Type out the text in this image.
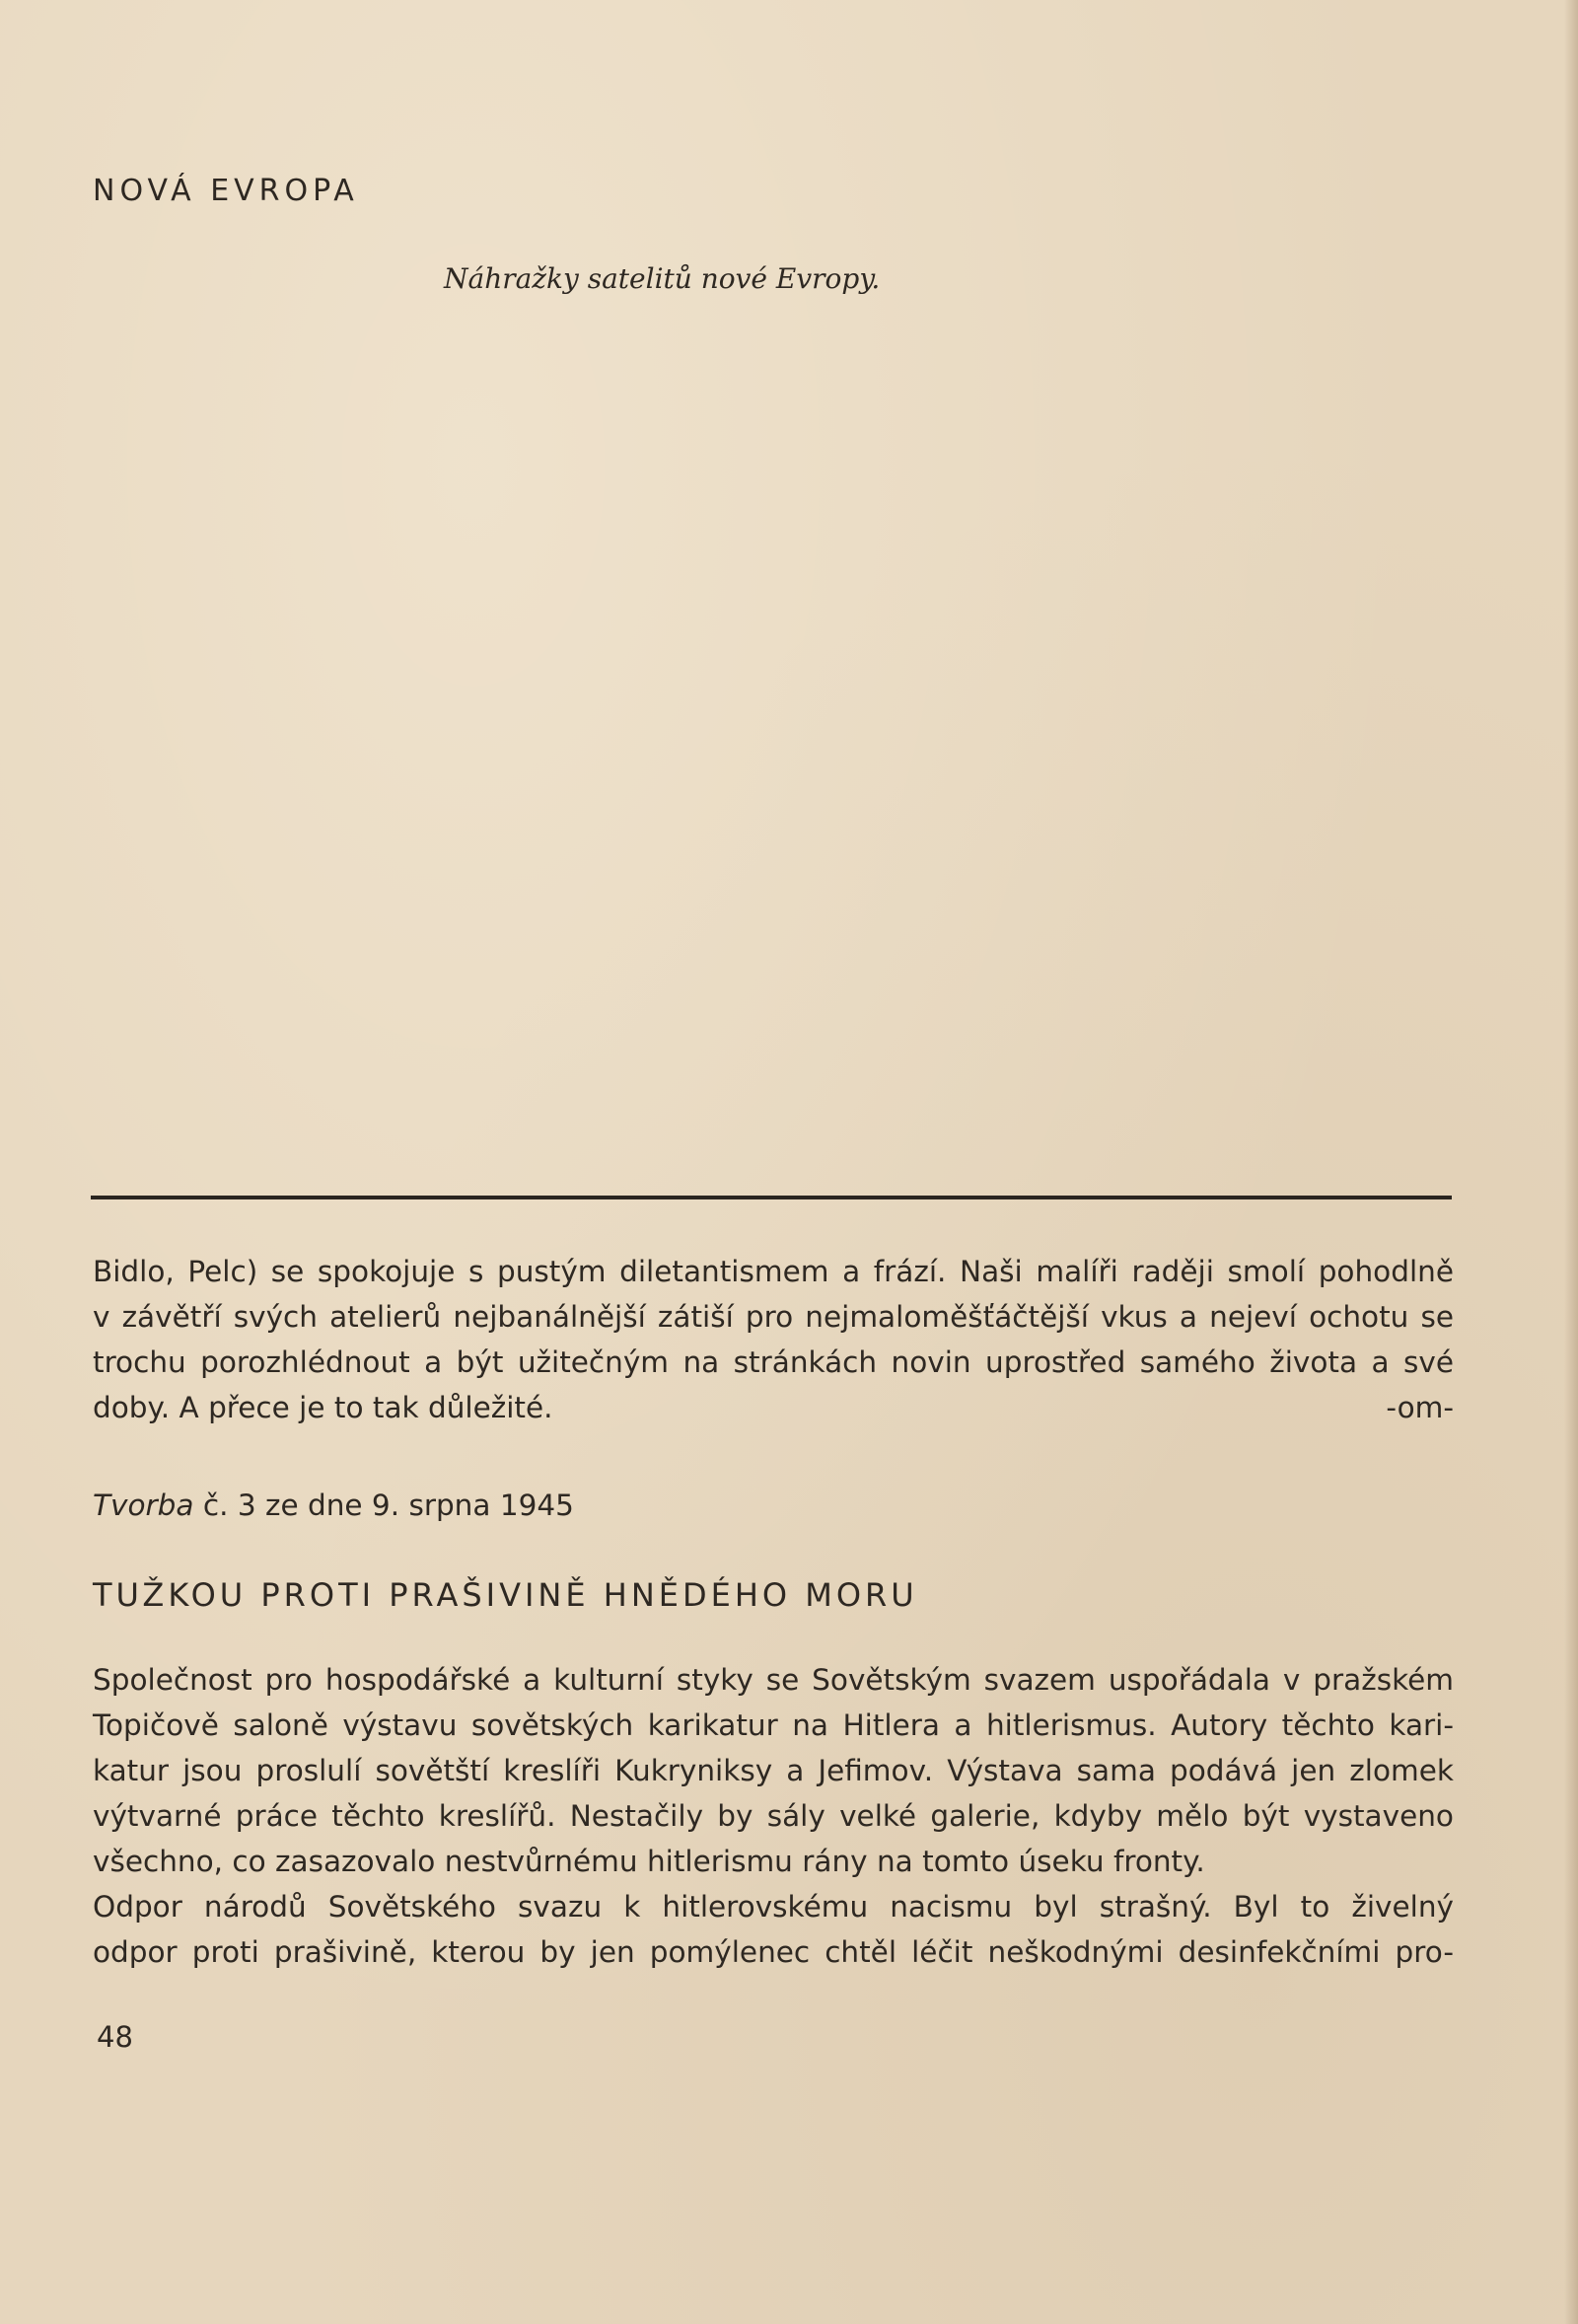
NOVÁ EVROPA
Náhražky satelitů nové Evropy.
Bidlo, Pelc) se spokojuje s pustým diletantismem a frází. Naši malíři raději smolí pohodlně
v závětří svých atelierů nejbanálnější zátiší pro nejmaloměšťáčtější vkus a nejeví ochotu se
trochu porozhlédnout a být užitečným na stránkách novin uprostřed samého života a své
doby. A přece je to tak důležité.	-om-
Tvorba č. 3 ze dne 9. srpna 1945
TUŽKOU PROTI PRAŠIVINĚ HNĚDÉHO MORU
Společnost pro hospodářské a kulturní styky se Sovětským svazem uspořádala v pražském
Topičově saloně výstavu sovětských karikatur na Hitlera a hitlerismus. Autory těchto kari-
katur jsou proslulí sovětští kreslíři Kukryniksy a Jefimov. Výstava sama podává jen zlomek
výtvarné práce těchto kreslířů. Nestačily by sály velké galerie, kdyby mělo být vystaveno
všechno, co zasazovalo nestvůrnému hitlerismu rány na tomto úseku fronty.
Odpor národů Sovětského svazu k hitlerovskému nacismu byl strašný. Byl to živelný
odpor proti prašivině, kterou by jen pomýlenec chtěl léčit neškodnými desinfekčními pro-
48
